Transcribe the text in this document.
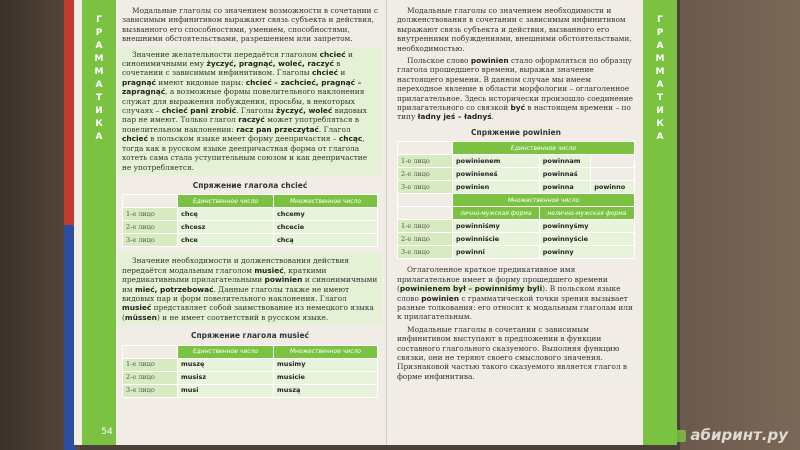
Г
Р
А
М
М
А
Т
И
К
А
54

Модальные глаголы со значением возможности в сочетании с зависимым инфинитивом выражают связь субъекта и действия, вызванного его способностями, умением, способностями, внешними обстоятельствами, разрешением или запретом.

Значение желательности передаётся глаголом chcieć и синонимичными ему życzyć, pragnąć, woleć, raczyć в сочетании с зависимым инфинитивом. Глаголы chcieć и pragnąć имеют видовые пары: chcieć – zachcieć, pragnąć – zapragnąć, а возможные формы повелительного наклонения служат для выражения побуждения, просьбы, в некоторых случаях – chcieć pani zrobić. Глаголы życzyć, woleć видовых пар не имеют. Только глагол raczyć может употребляться в повелительном наклонении: racz pan przeczytać. Глагол chcieć в польском языке имеет форму деепричастия – chcąc, тогда как в русском языке деепричастная форма от глагола хотеть сама стала уступительным союзом и как деепричастие не употребляется.

Спряжение глагола chcieć
	Единственное число	Множественное число
1-е лицо	chcę	chcemy
2-е лицо	chcesz	chcecie
3-е лицо	chce	chcą

Значение необходимости и долженствования действия передаётся модальным глаголом musieć, краткими предикативными прилагательными powinien и синонимичными им mieć, potrzebować. Данные глаголы также не имеют видовых пар и форм повелительного наклонения. Глагол musieć представляет собой заимствование из немецкого языка (müssen) и не имеет соответствий в русском языке.

Спряжение глагола musieć
	Единственное число	Множественное число
1-е лицо	muszę	musimy
2-е лицо	musisz	musicie
3-е лицо	musi	muszą

Модальные глаголы со значением необходимости и долженствования в сочетании с зависимым инфинитивом выражают связь субъекта и действия, вызванного его внутренними побуждениями, внешними обстоятельствами, необходимостью.

Польское слово powinien стало оформляться по образцу глагола прошедшего времени, выражая значение настоящего времени. В данном случае мы имеем переходное явление в области морфологии – оглаголенное прилагательное. Здесь исторически произошло соединение прилагательного со связкой być в настоящем времени – по типу ładny jeś – ładnyś.

Спряжение powinien
	Единственное число		
1-е лицо	powinienem	powinnam	
2-е лицо	powinieneś	powinnaś	
3-е лицо	powinien	powinna	powinno
	Множественное число		
	лично-мужская форма	нелично-мужская форма	
1-е лицо	powinniśmy	powinnyśmy	
2-е лицо	powinniście	powinnyście	
3-е лицо	powinni	powinny	

Оглаголенное краткое предикативное имя прилагательное имеет и форму прошедшего времени (powinienem był – powinniśmy byli). В польском языке слово powinien с грамматической точки зрения вызывает разные толкования: его относят к модальным глаголам или к прилагательным.

Модальные глаголы в сочетании с зависимым инфинитивом выступают в предложении в функции составного глагольного сказуемого. Выполняя функцию связки, они не теряют своего смыслового значения. Признаковой частью такого сказуемого является глагол в форме инфинитива.

Г
Р
А
М
М
А
Т
И
К
А
абиринт.ру
